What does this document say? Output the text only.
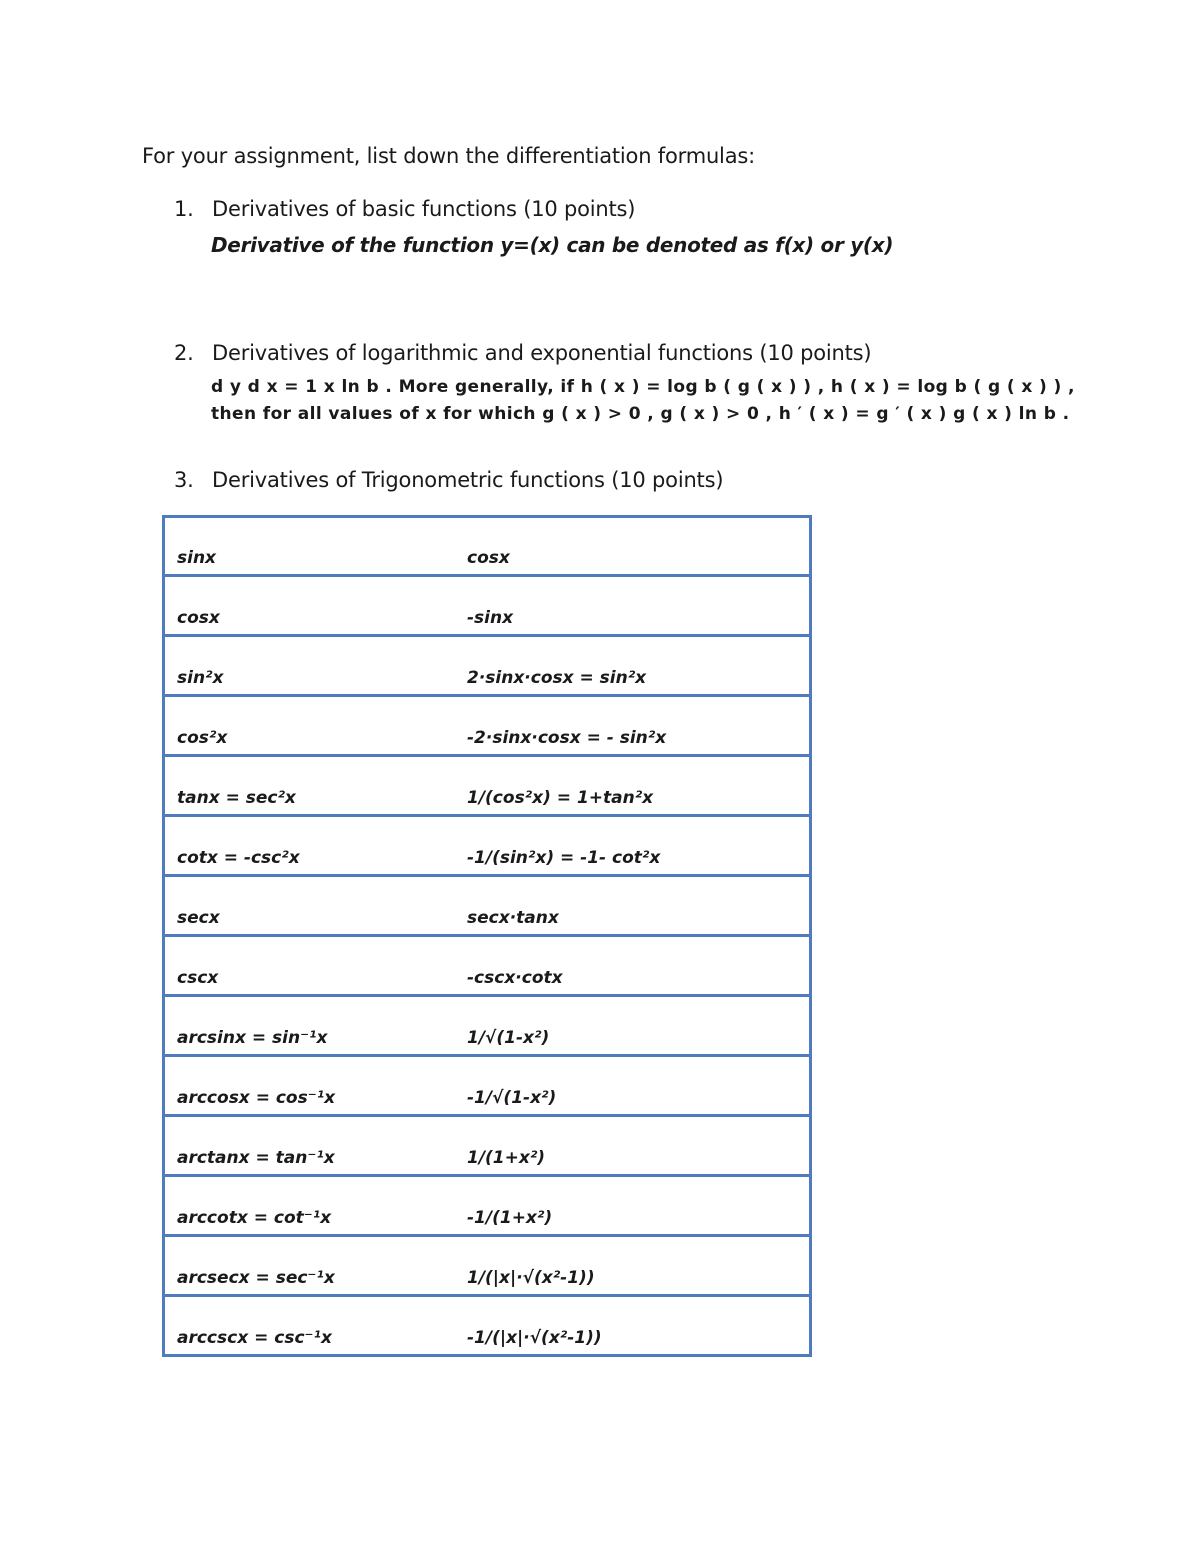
For your assignment, list down the differentiation formulas:
1. Derivatives of basic functions (10 points)
Derivative of the function y=(x) can be denoted as f(x) or y(x)
2. Derivatives of logarithmic and exponential functions (10 points)
d y d x = 1 x ln b . More generally, if h ( x ) = log b ( g ( x ) ) , h ( x ) = log b ( g ( x ) ) ,
then for all values of x for which g ( x ) > 0 , g ( x ) > 0 , h ′ ( x ) = g ′ ( x ) g ( x ) ln b .
3. Derivatives of Trigonometric functions (10 points)
sinx	cosx
cosx	-sinx
sin²x	2·sinx·cosx = sin²x
cos²x	-2·sinx·cosx = - sin²x
tanx = sec²x	1/(cos²x) = 1+tan²x
cotx = -csc²x	-1/(sin²x) = -1- cot²x
secx	secx·tanx
cscx	-cscx·cotx
arcsinx = sin⁻¹x	1/√(1-x²)
arccosx = cos⁻¹x	-1/√(1-x²)
arctanx = tan⁻¹x	1/(1+x²)
arccotx = cot⁻¹x	-1/(1+x²)
arcsecx = sec⁻¹x	1/(|x|·√(x²-1))
arccscx = csc⁻¹x	-1/(|x|·√(x²-1))
